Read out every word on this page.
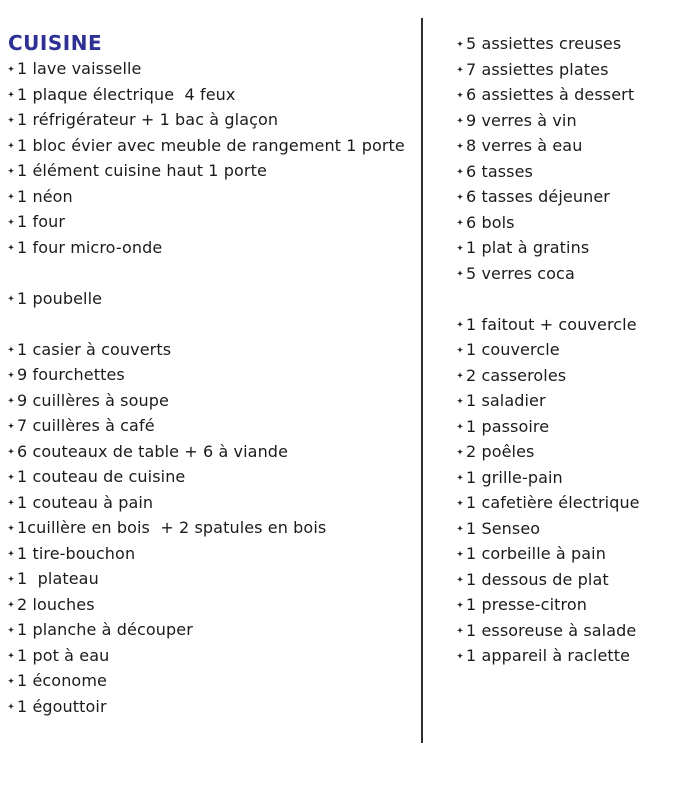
CUISINE
1 lave vaisselle
1 plaque électrique  4 feux
1 réfrigérateur + 1 bac à glaçon
1 bloc évier avec meuble de rangement 1 porte
1 élément cuisine haut 1 porte
1 néon
1 four
1 four micro-onde
1 poubelle
1 casier à couverts
9 fourchettes
9 cuillères à soupe
7 cuillères à café
6 couteaux de table + 6 à viande
1 couteau de cuisine
1 couteau à pain
1cuillère en bois  + 2 spatules en bois
1 tire-bouchon
1  plateau
2 louches
1 planche à découper
1 pot à eau
1 économe
1 égouttoir
5 assiettes creuses
7 assiettes plates
6 assiettes à dessert
9 verres à vin
8 verres à eau
6 tasses
6 tasses déjeuner
6 bols
1 plat à gratins
5 verres coca
1 faitout + couvercle
1 couvercle
2 casseroles
1 saladier
1 passoire
2 poêles
1 grille-pain
1 cafetière électrique
1 Senseo
1 corbeille à pain
1 dessous de plat
1 presse-citron
1 essoreuse à salade
1 appareil à raclette
